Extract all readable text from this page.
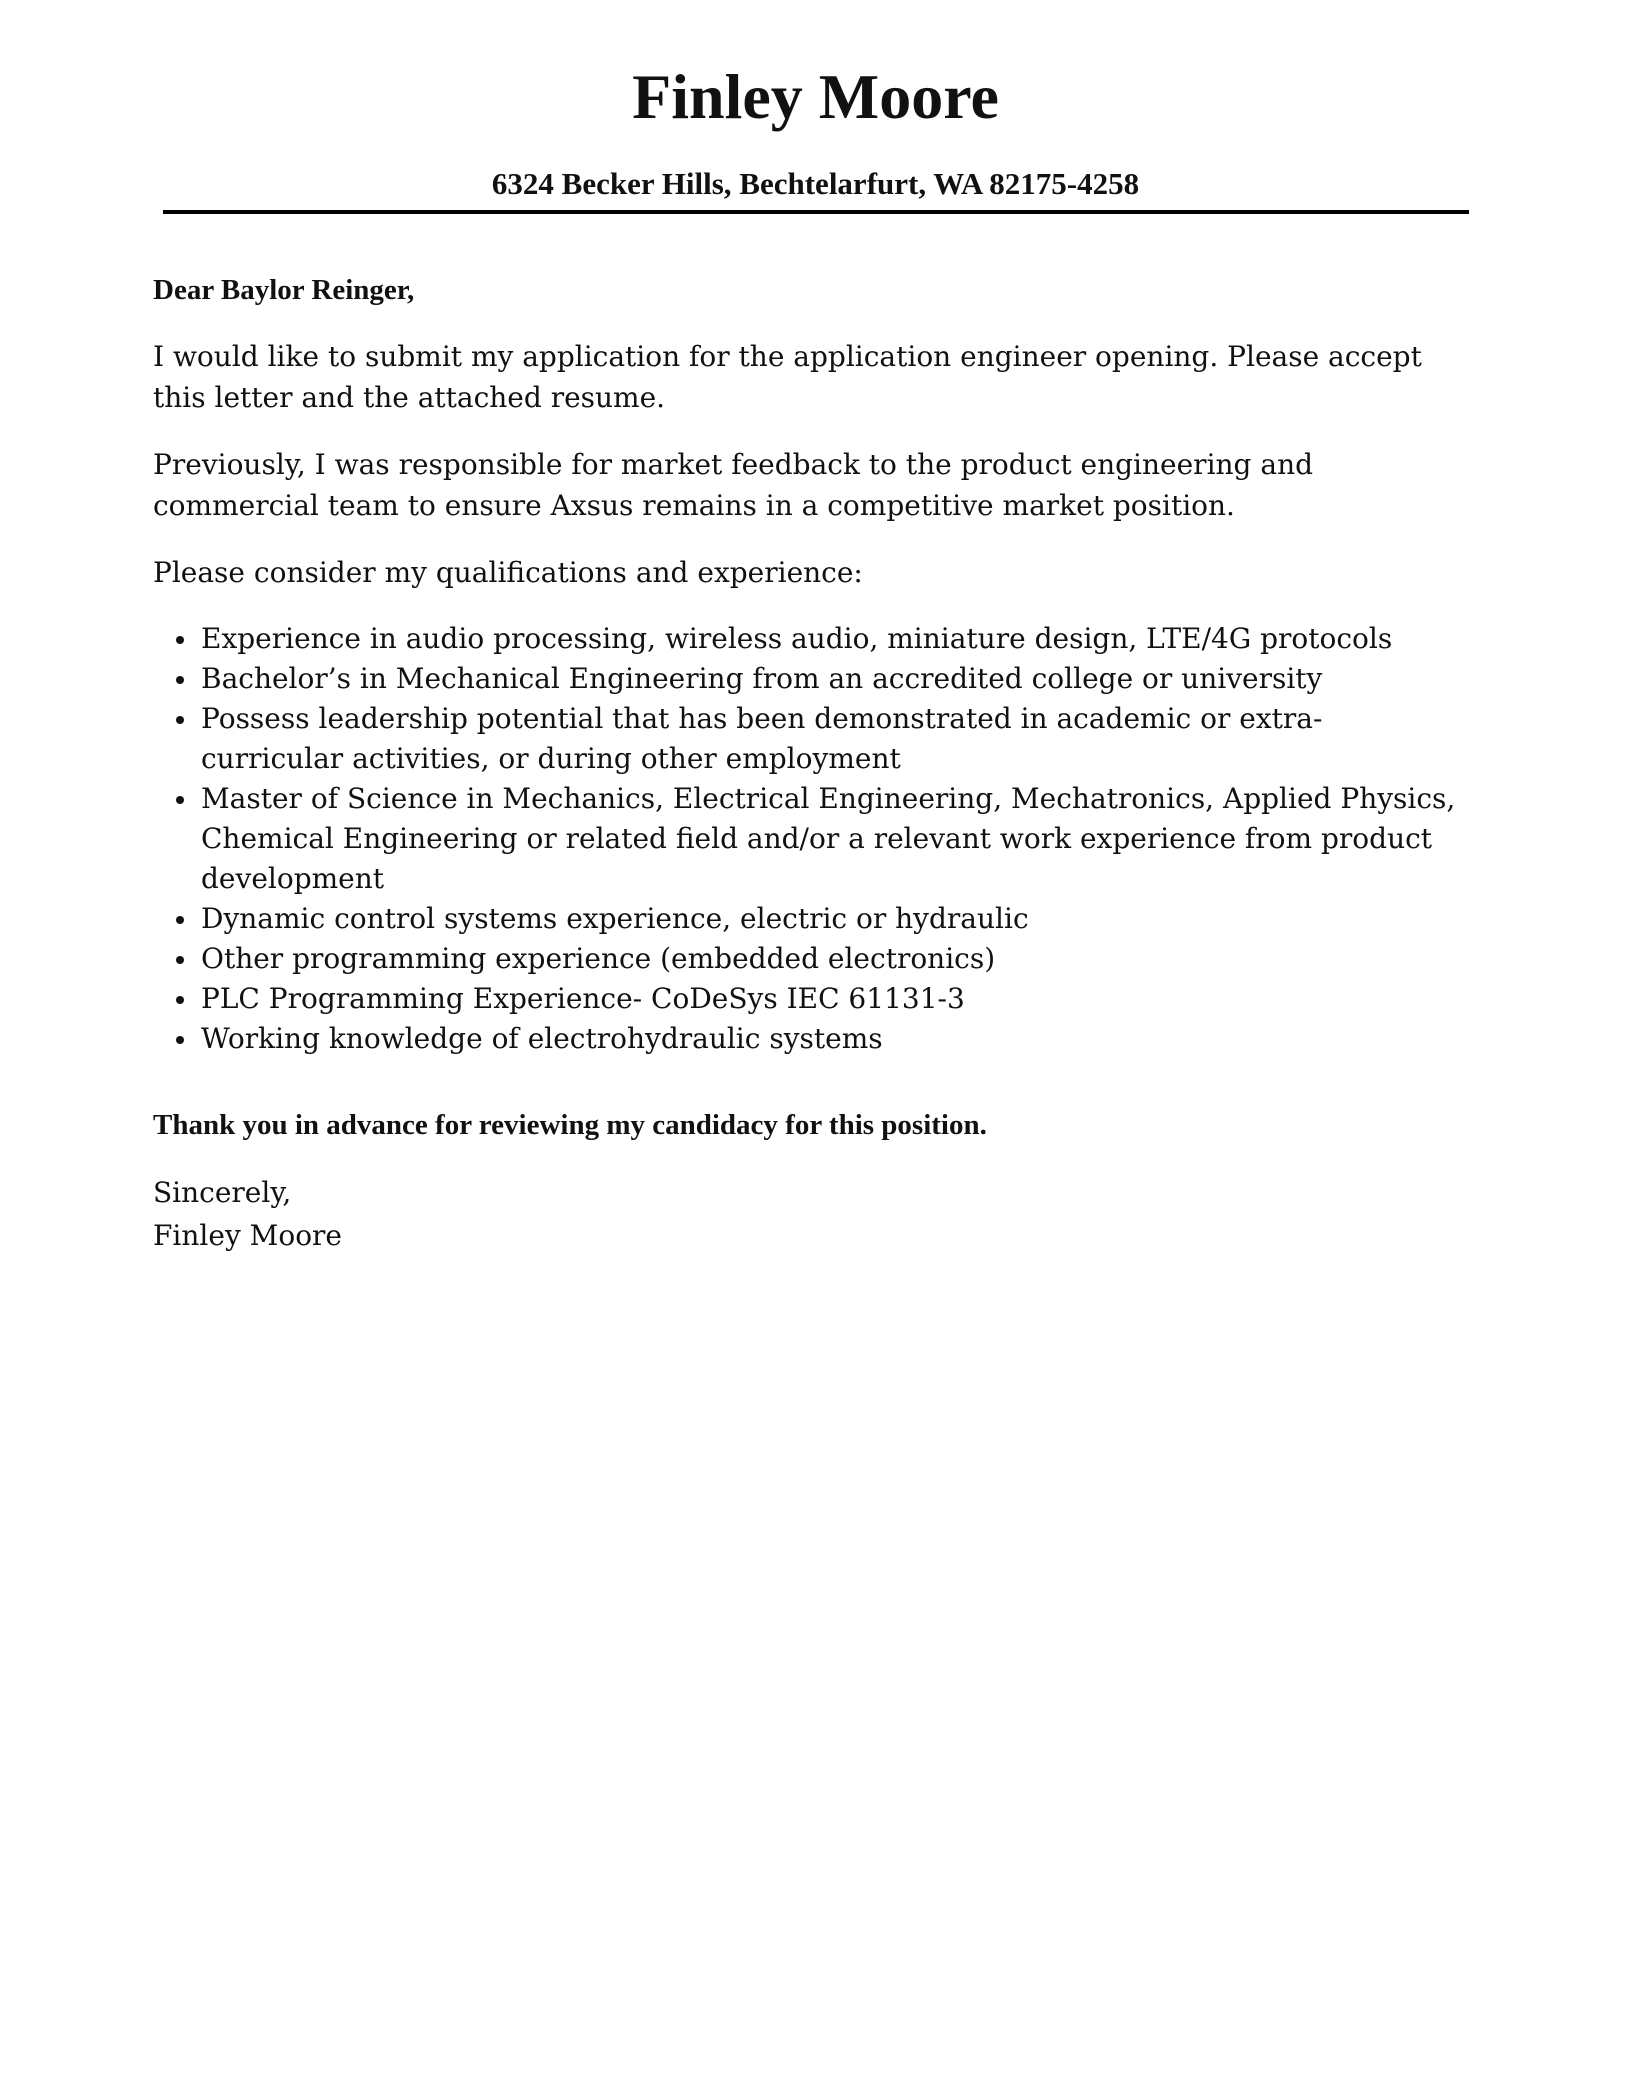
Finley Moore
6324 Becker Hills, Bechtelarfurt, WA 82175-4258
Dear Baylor Reinger,

I would like to submit my application for the application engineer opening. Please accept this letter and the attached resume.

Previously, I was responsible for market feedback to the product engineering and commercial team to ensure Axsus remains in a competitive market position.

Please consider my qualifications and experience:

Experience in audio processing, wireless audio, miniature design, LTE/4G protocols
Bachelor’s in Mechanical Engineering from an accredited college or university
Possess leadership potential that has been demonstrated in academic or extra-curricular activities, or during other employment
Master of Science in Mechanics, Electrical Engineering, Mechatronics, Applied Physics, Chemical Engineering or related field and/or a relevant work experience from product development
Dynamic control systems experience, electric or hydraulic
Other programming experience (embedded electronics)
PLC Programming Experience- CoDeSys IEC 61131-3
Working knowledge of electrohydraulic systems
Thank you in advance for reviewing my candidacy for this position.
Sincerely,
Finley Moore
